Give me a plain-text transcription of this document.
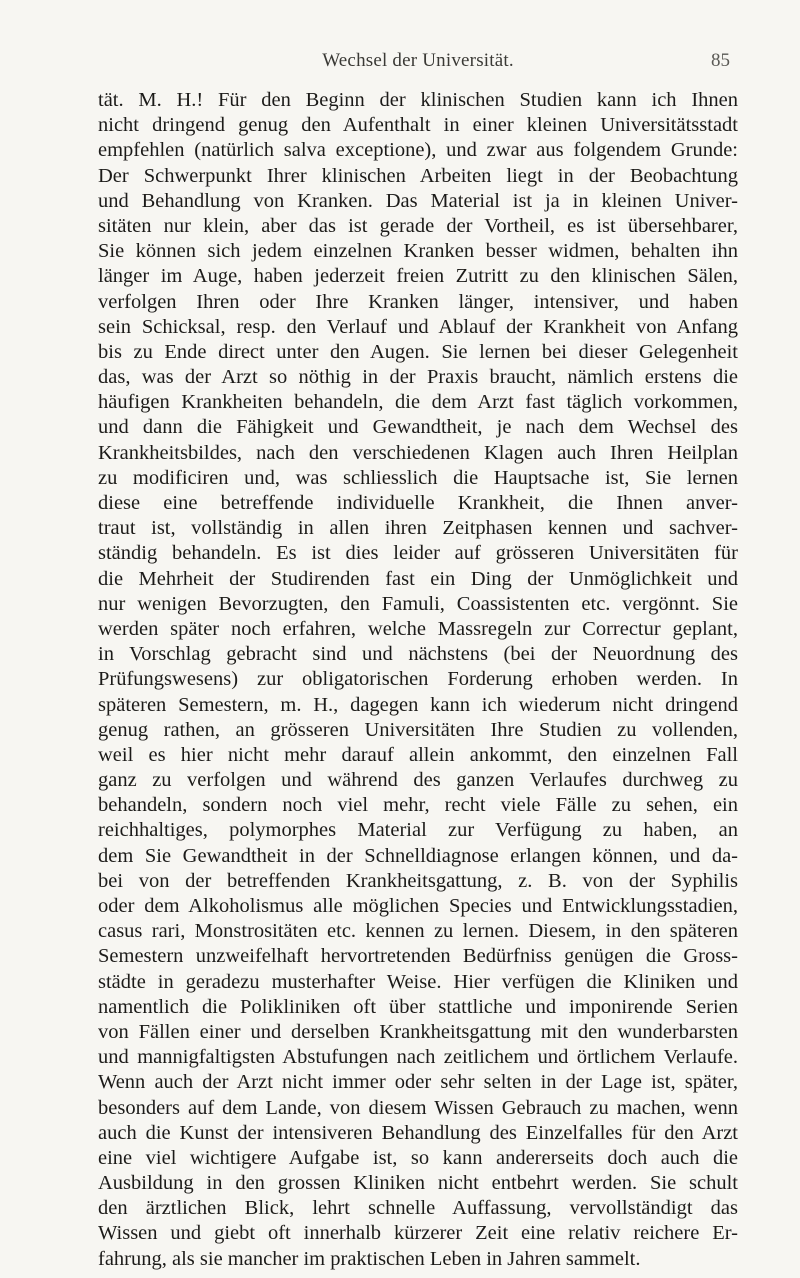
Wechsel der Universität.	85
tät. M. H.! Für den Beginn der klinischen Studien kann ich Ihnen
nicht dringend genug den Aufenthalt in einer kleinen Universitätsstadt
empfehlen (natürlich salva exceptione), und zwar aus folgendem Grunde:
Der Schwerpunkt Ihrer klinischen Arbeiten liegt in der Beobachtung
und Behandlung von Kranken. Das Material ist ja in kleinen Univer-
sitäten nur klein, aber das ist gerade der Vortheil, es ist übersehbarer,
Sie können sich jedem einzelnen Kranken besser widmen, behalten ihn
länger im Auge, haben jederzeit freien Zutritt zu den klinischen Sälen,
verfolgen Ihren oder Ihre Kranken länger, intensiver, und haben
sein Schicksal, resp. den Verlauf und Ablauf der Krankheit von Anfang
bis zu Ende direct unter den Augen. Sie lernen bei dieser Gelegenheit
das, was der Arzt so nöthig in der Praxis braucht, nämlich erstens die
häufigen Krankheiten behandeln, die dem Arzt fast täglich vorkommen,
und dann die Fähigkeit und Gewandtheit, je nach dem Wechsel des
Krankheitsbildes, nach den verschiedenen Klagen auch Ihren Heilplan
zu modificiren und, was schliesslich die Hauptsache ist, Sie lernen
diese eine betreffende individuelle Krankheit, die Ihnen anver-
traut ist, vollständig in allen ihren Zeitphasen kennen und sachver-
ständig behandeln. Es ist dies leider auf grösseren Universitäten für
die Mehrheit der Studirenden fast ein Ding der Unmöglichkeit und
nur wenigen Bevorzugten, den Famuli, Coassistenten etc. vergönnt. Sie
werden später noch erfahren, welche Massregeln zur Correctur geplant,
in Vorschlag gebracht sind und nächstens (bei der Neuordnung des
Prüfungswesens) zur obligatorischen Forderung erhoben werden. In
späteren Semestern, m. H., dagegen kann ich wiederum nicht dringend
genug rathen, an grösseren Universitäten Ihre Studien zu vollenden,
weil es hier nicht mehr darauf allein ankommt, den einzelnen Fall
ganz zu verfolgen und während des ganzen Verlaufes durchweg zu
behandeln, sondern noch viel mehr, recht viele Fälle zu sehen, ein
reichhaltiges, polymorphes Material zur Verfügung zu haben, an
dem Sie Gewandtheit in der Schnelldiagnose erlangen können, und da-
bei von der betreffenden Krankheitsgattung, z. B. von der Syphilis
oder dem Alkoholismus alle möglichen Species und Entwicklungsstadien,
casus rari, Monstrositäten etc. kennen zu lernen. Diesem, in den späteren
Semestern unzweifelhaft hervortretenden Bedürfniss genügen die Gross-
städte in geradezu musterhafter Weise. Hier verfügen die Kliniken und
namentlich die Polikliniken oft über stattliche und imponirende Serien
von Fällen einer und derselben Krankheitsgattung mit den wunderbarsten
und mannigfaltigsten Abstufungen nach zeitlichem und örtlichem Verlaufe.
Wenn auch der Arzt nicht immer oder sehr selten in der Lage ist, später,
besonders auf dem Lande, von diesem Wissen Gebrauch zu machen, wenn
auch die Kunst der intensiveren Behandlung des Einzelfalles für den Arzt
eine viel wichtigere Aufgabe ist, so kann andererseits doch auch die
Ausbildung in den grossen Kliniken nicht entbehrt werden. Sie schult
den ärztlichen Blick, lehrt schnelle Auffassung, vervollständigt das
Wissen und giebt oft innerhalb kürzerer Zeit eine relativ reichere Er-
fahrung, als sie mancher im praktischen Leben in Jahren sammelt.
